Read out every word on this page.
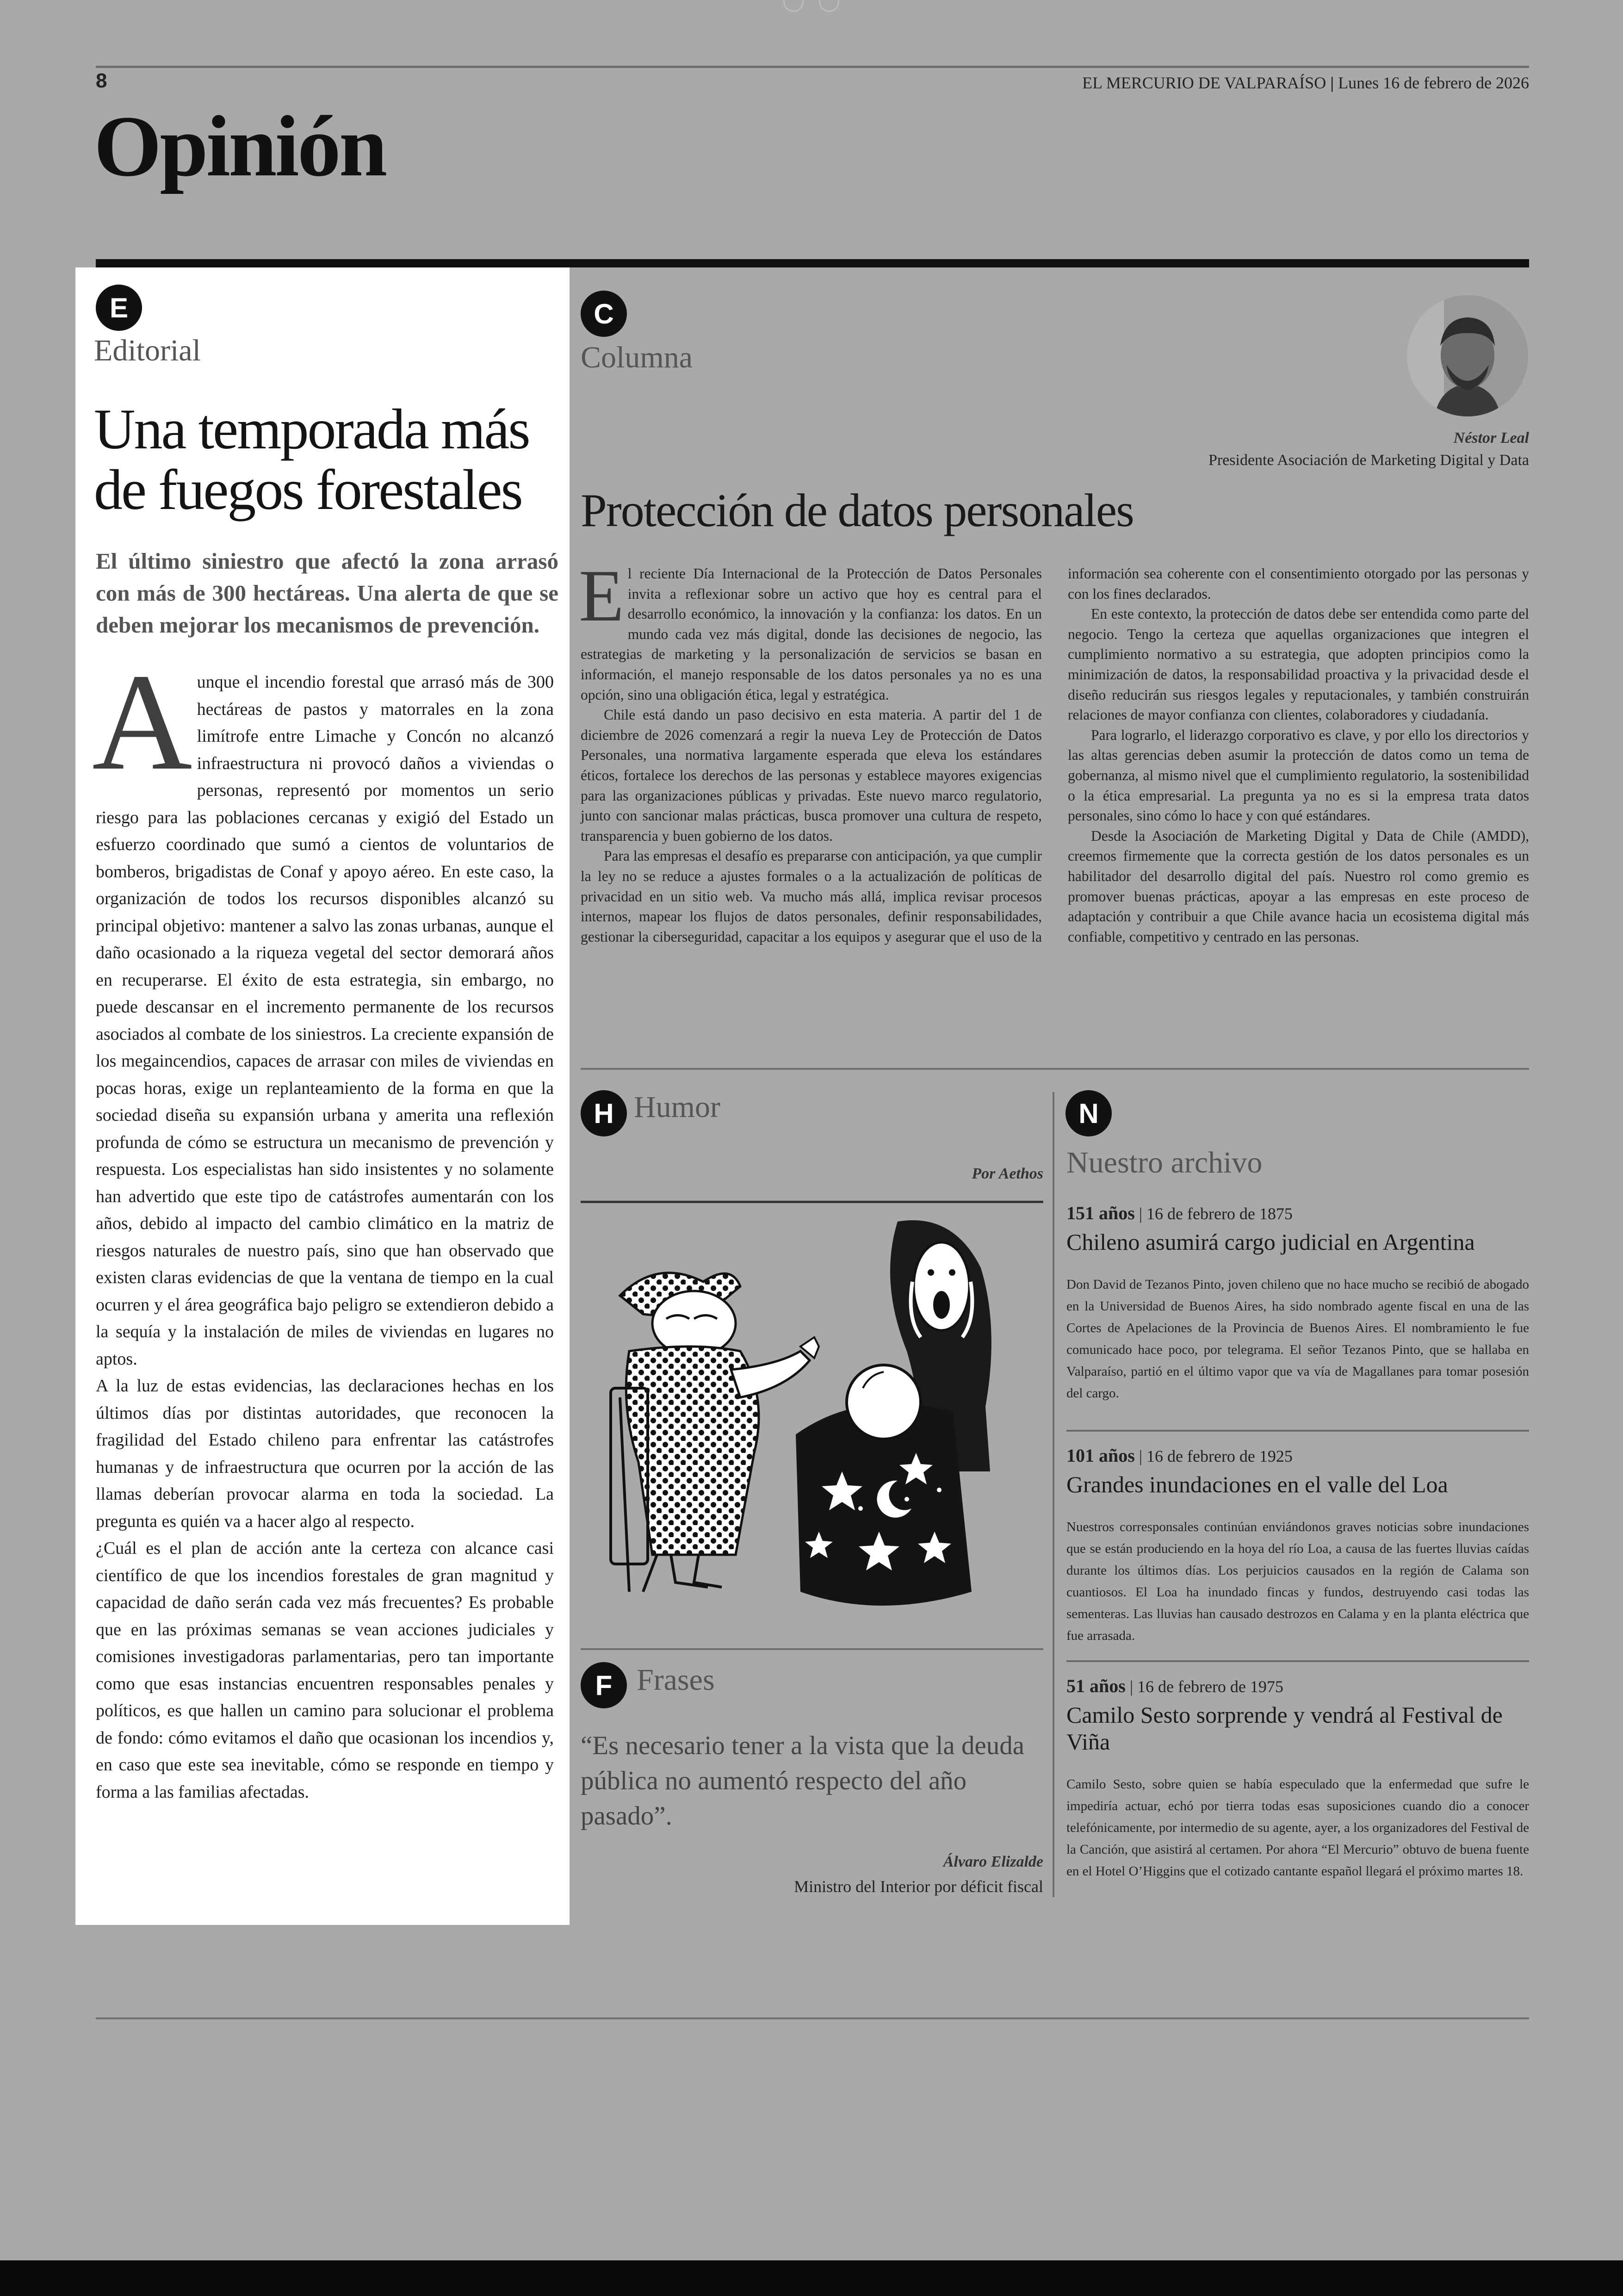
8	EL MERCURIO DE VALPARAÍSO | Lunes 16 de febrero de 2026
Opinión
E
Editorial
Una temporada más de fuegos forestales
El último siniestro que afectó la zona arrasó con más de 300 hectáreas. Una alerta de que se deben mejorar los mecanismos de prevención.
A unque el incendio forestal que arrasó más de 300 hectáreas de pastos y matorrales en la zona limítrofe entre Limache y Concón no alcanzó infraestructura ni provocó daños a viviendas o personas, representó por momentos un serio riesgo para las poblaciones cercanas y exigió del Estado un esfuerzo coordinado que sumó a cientos de voluntarios de bomberos, brigadistas de Conaf y apoyo aéreo. En este caso, la organización de todos los recursos disponibles alcanzó su principal objetivo: mantener a salvo las zonas urbanas, aunque el daño ocasionado a la riqueza vegetal del sector demorará años en recuperarse. El éxito de esta estrategia, sin embargo, no puede descansar en el incremento permanente de los recursos asociados al combate de los siniestros. La creciente expansión de los megaincendios, capaces de arrasar con miles de viviendas en pocas horas, exige un replanteamiento de la forma en que la sociedad diseña su expansión urbana y amerita una reflexión profunda de cómo se estructura un mecanismo de prevención y respuesta. Los especialistas han sido insistentes y no solamente han advertido que este tipo de catástrofes aumentarán con los años, debido al impacto del cambio climático en la matriz de riesgos naturales de nuestro país, sino que han observado que existen claras evidencias de que la ventana de tiempo en la cual ocurren y el área geográfica bajo peligro se extendieron debido a la sequía y la instalación de miles de viviendas en lugares no aptos.

A la luz de estas evidencias, las declaraciones hechas en los últimos días por distintas autoridades, que reconocen la fragilidad del Estado chileno para enfrentar las catástrofes humanas y de infraestructura que ocurren por la acción de las llamas deberían provocar alarma en toda la sociedad. La pregunta es quién va a hacer algo al respecto.

¿Cuál es el plan de acción ante la certeza con alcance casi científico de que los incendios forestales de gran magnitud y capacidad de daño serán cada vez más frecuentes? Es probable que en las próximas semanas se vean acciones judiciales y comisiones investigadoras parlamentarias, pero tan importante como que esas instancias encuentren responsables penales y políticos, es que hallen un camino para solucionar el problema de fondo: cómo evitamos el daño que ocasionan los incendios y, en caso que este sea inevitable, cómo se responde en tiempo y forma a las familias afectadas.

C
Columna
Néstor Leal
Presidente Asociación de Marketing Digital y Data
Protección de datos personales

El reciente Día Internacional de la Protección de Datos Personales invita a reflexionar sobre un activo que hoy es central para el desarrollo económico, la innovación y la confianza: los datos. En un mundo cada vez más digital, donde las decisiones de negocio, las estrategias de marketing y la personalización de servicios se basan en información, el manejo responsable de los datos personales ya no es una opción, sino una obligación ética, legal y estratégica.

Chile está dando un paso decisivo en esta materia. A partir del 1 de diciembre de 2026 comenzará a regir la nueva Ley de Protección de Datos Personales, una normativa largamente esperada que eleva los estándares éticos, fortalece los derechos de las personas y establece mayores exigencias para las organizaciones públicas y privadas. Este nuevo marco regulatorio, junto con sancionar malas prácticas, busca promover una cultura de respeto, transparencia y buen gobierno de los datos.

Para las empresas el desafío es prepararse con anticipación, ya que cumplir la ley no se reduce a ajustes formales o a la actualización de políticas de privacidad en un sitio web. Va mucho más allá, implica revisar procesos internos, mapear los flujos de datos personales, definir responsabilidades, gestionar la ciberseguridad, capacitar a los equipos y asegurar que el uso de la información sea coherente con el consentimiento otorgado por las personas y con los fines declarados.

En este contexto, la protección de datos debe ser entendida como parte del negocio. Tengo la certeza que aquellas organizaciones que integren el cumplimiento normativo a su estrategia, que adopten principios como la minimización de datos, la responsabilidad proactiva y la privacidad desde el diseño reducirán sus riesgos legales y reputacionales, y también construirán relaciones de mayor confianza con clientes, colaboradores y ciudadanía.

Para lograrlo, el liderazgo corporativo es clave, y por ello los directorios y las altas gerencias deben asumir la protección de datos como un tema de gobernanza, al mismo nivel que el cumplimiento regulatorio, la sostenibilidad o la ética empresarial. La pregunta ya no es si la empresa trata datos personales, sino cómo lo hace y con qué estándares.

Desde la Asociación de Marketing Digital y Data de Chile (AMDD), creemos firmemente que la correcta gestión de los datos personales es un habilitador del desarrollo digital del país. Nuestro rol como gremio es promover buenas prácticas, apoyar a las empresas en este proceso de adaptación y contribuir a que Chile avance hacia un ecosistema digital más confiable, competitivo y centrado en las personas.

H Humor
Por Aethos
F Frases
“Es necesario tener a la vista que la deuda pública no aumentó respecto del año pasado”.
Álvaro Elizalde
Ministro del Interior por déficit fiscal
N
Nuestro archivo
151 años | 16 de febrero de 1875
Chileno asumirá cargo judicial en Argentina
Don David de Tezanos Pinto, joven chileno que no hace mucho se recibió de abogado en la Universidad de Buenos Aires, ha sido nombrado agente fiscal en una de las Cortes de Apelaciones de la Provincia de Buenos Aires. El nombramiento le fue comunicado hace poco, por telegrama. El señor Tezanos Pinto, que se hallaba en Valparaíso, partió en el último vapor que va vía de Magallanes para tomar posesión del cargo.
101 años | 16 de febrero de 1925
Grandes inundaciones en el valle del Loa
Nuestros corresponsales continúan enviándonos graves noticias sobre inundaciones que se están produciendo en la hoya del río Loa, a causa de las fuertes lluvias caídas durante los últimos días. Los perjuicios causados en la región de Calama son cuantiosos. El Loa ha inundado fincas y fundos, destruyendo casi todas las sementeras. Las lluvias han causado destrozos en Calama y en la planta eléctrica que fue arrasada.
51 años | 16 de febrero de 1975
Camilo Sesto sorprende y vendrá al Festival de Viña
Camilo Sesto, sobre quien se había especulado que la enfermedad que sufre le impediría actuar, echó por tierra todas esas suposiciones cuando dio a conocer telefónicamente, por intermedio de su agente, ayer, a los organizadores del Festival de la Canción, que asistirá al certamen. Por ahora “El Mercurio” obtuvo de buena fuente en el Hotel O’Higgins que el cotizado cantante español llegará el próximo martes 18.
